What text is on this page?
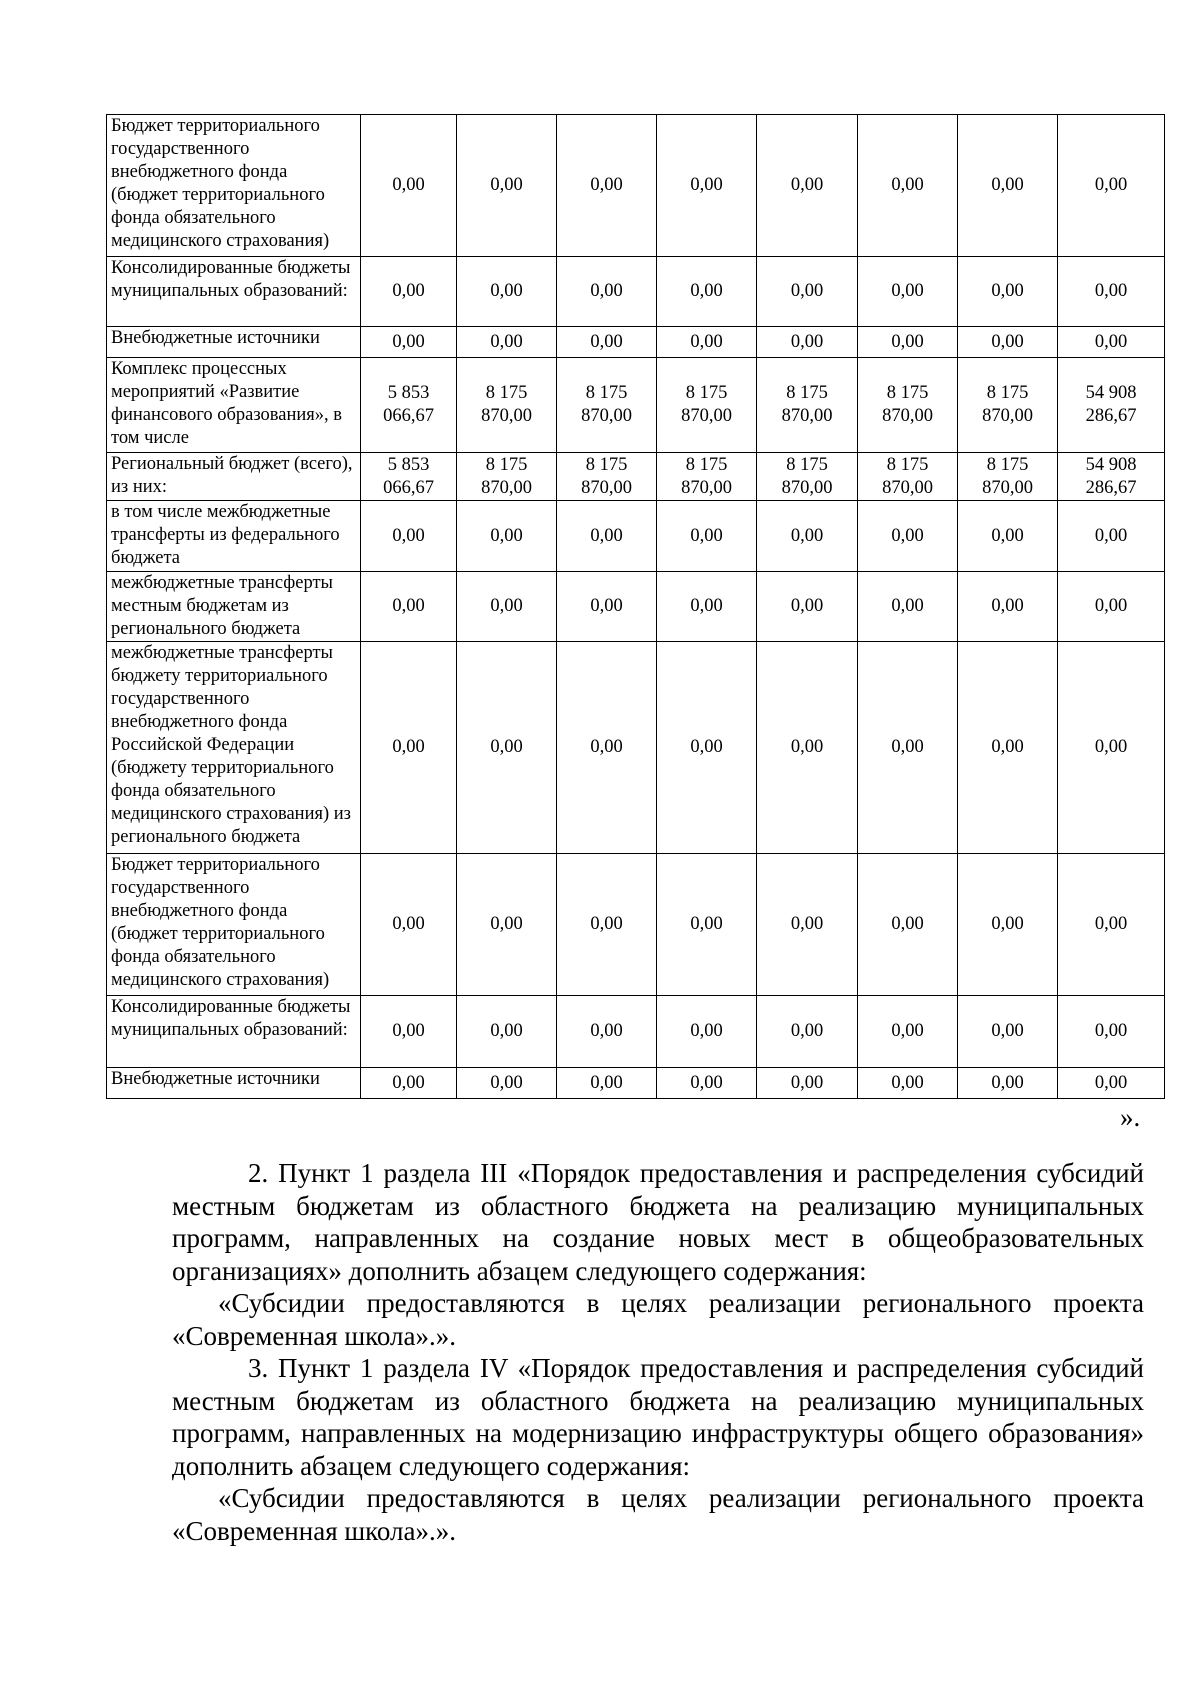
Бюджет территориального государственного внебюджетного фонда (бюджет территориального фонда обязательного медицинского страхования)	0,00	0,00	0,00	0,00	0,00	0,00	0,00	0,00
Консолидированные бюджеты муниципальных образований:	0,00	0,00	0,00	0,00	0,00	0,00	0,00	0,00
Внебюджетные источники	0,00	0,00	0,00	0,00	0,00	0,00	0,00	0,00
Комплекс процессных мероприятий «Развитие финансового образования», в том числе	5 853 066,67	8 175 870,00	8 175 870,00	8 175 870,00	8 175 870,00	8 175 870,00	8 175 870,00	54 908 286,67
Региональный бюджет (всего), из них:	5 853 066,67	8 175 870,00	8 175 870,00	8 175 870,00	8 175 870,00	8 175 870,00	8 175 870,00	54 908 286,67
в том числе межбюджетные трансферты из федерального бюджета	0,00	0,00	0,00	0,00	0,00	0,00	0,00	0,00
межбюджетные трансферты местным бюджетам из регионального бюджета	0,00	0,00	0,00	0,00	0,00	0,00	0,00	0,00
межбюджетные трансферты бюджету территориального государственного внебюджетного фонда Российской Федерации (бюджету территориального фонда обязательного медицинского страхования) из регионального бюджета	0,00	0,00	0,00	0,00	0,00	0,00	0,00	0,00
Бюджет территориального государственного внебюджетного фонда (бюджет территориального фонда обязательного медицинского страхования)	0,00	0,00	0,00	0,00	0,00	0,00	0,00	0,00
Консолидированные бюджеты муниципальных образований:	0,00	0,00	0,00	0,00	0,00	0,00	0,00	0,00
Внебюджетные источники	0,00	0,00	0,00	0,00	0,00	0,00	0,00	0,00
».

2. Пункт 1 раздела III «Порядок предоставления и распределения субсидий местным бюджетам из областного бюджета на реализацию муниципальных программ, направленных на создание новых мест в общеобразовательных организациях» дополнить абзацем следующего содержания:

«Субсидии предоставляются в целях реализации регионального проекта «Современная школа».».

3. Пункт 1 раздела IV «Порядок предоставления и распределения субсидий местным бюджетам из областного бюджета на реализацию муниципальных программ, направленных на модернизацию инфраструктуры общего образования» дополнить абзацем следующего содержания:

«Субсидии предоставляются в целях реализации регионального проекта «Современная школа».».
